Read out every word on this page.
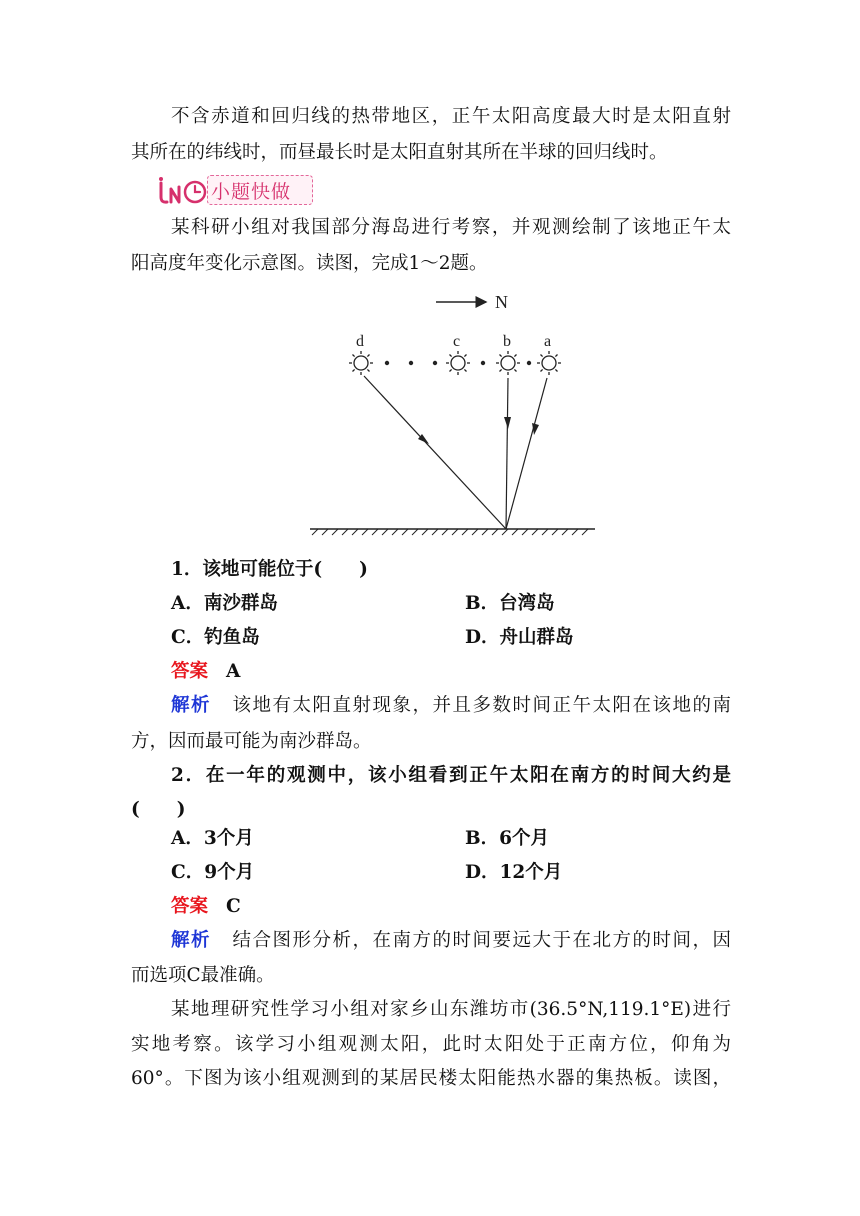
不含赤道和回归线的热带地区，正午太阳高度最大时是太阳直射
其所在的纬线时，而昼最长时是太阳直射其所在半球的回归线时。
小题快做
某科研小组对我国部分海岛进行考察，并观测绘制了该地正午太
阳高度年变化示意图。读图，完成1～2题。
N
d	c	b a
1．该地可能位于(　　)
A．南沙群岛	B．台湾岛
C．钓鱼岛	D．舟山群岛
答案 A
解析 该地有太阳直射现象，并且多数时间正午太阳在该地的南
方，因而最可能为南沙群岛。
2．在一年的观测中，该小组看到正午太阳在南方的时间大约是
(　　)
A．3个月	B．6个月
C．9个月	D．12个月
答案 C
解析 结合图形分析，在南方的时间要远大于在北方的时间，因
而选项C最准确。
某地理研究性学习小组对家乡山东潍坊市(36.5°N,119.1°E)进行
实地考察。该学习小组观测太阳，此时太阳处于正南方位，仰角为
60°。下图为该小组观测到的某居民楼太阳能热水器的集热板。读图，
